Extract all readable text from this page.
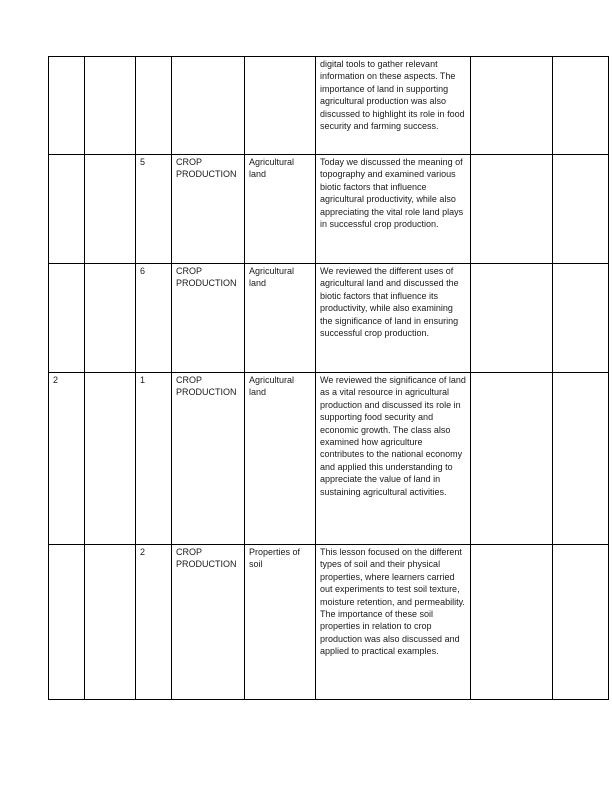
					digital tools to gather relevant information on these aspects. The importance of land in supporting agricultural production was also discussed to highlight its role in food security and farming success.		
		5	CROP PRODUCTION	Agricultural land	Today we discussed the meaning of topography and examined various biotic factors that influence agricultural productivity, while also appreciating the vital role land plays in successful crop production.		
		6	CROP PRODUCTION	Agricultural land	We reviewed the different uses of agricultural land and discussed the biotic factors that influence its productivity, while also examining the significance of land in ensuring successful crop production.		
2		1	CROP PRODUCTION	Agricultural land	We reviewed the significance of land as a vital resource in agricultural production and discussed its role in supporting food security and economic growth. The class also examined how agriculture contributes to the national economy and applied this understanding to appreciate the value of land in sustaining agricultural activities.		
		2	CROP PRODUCTION	Properties of soil	This lesson focused on the different types of soil and their physical properties, where learners carried out experiments to test soil texture, moisture retention, and permeability. The importance of these soil properties in relation to crop production was also discussed and applied to practical examples.		
